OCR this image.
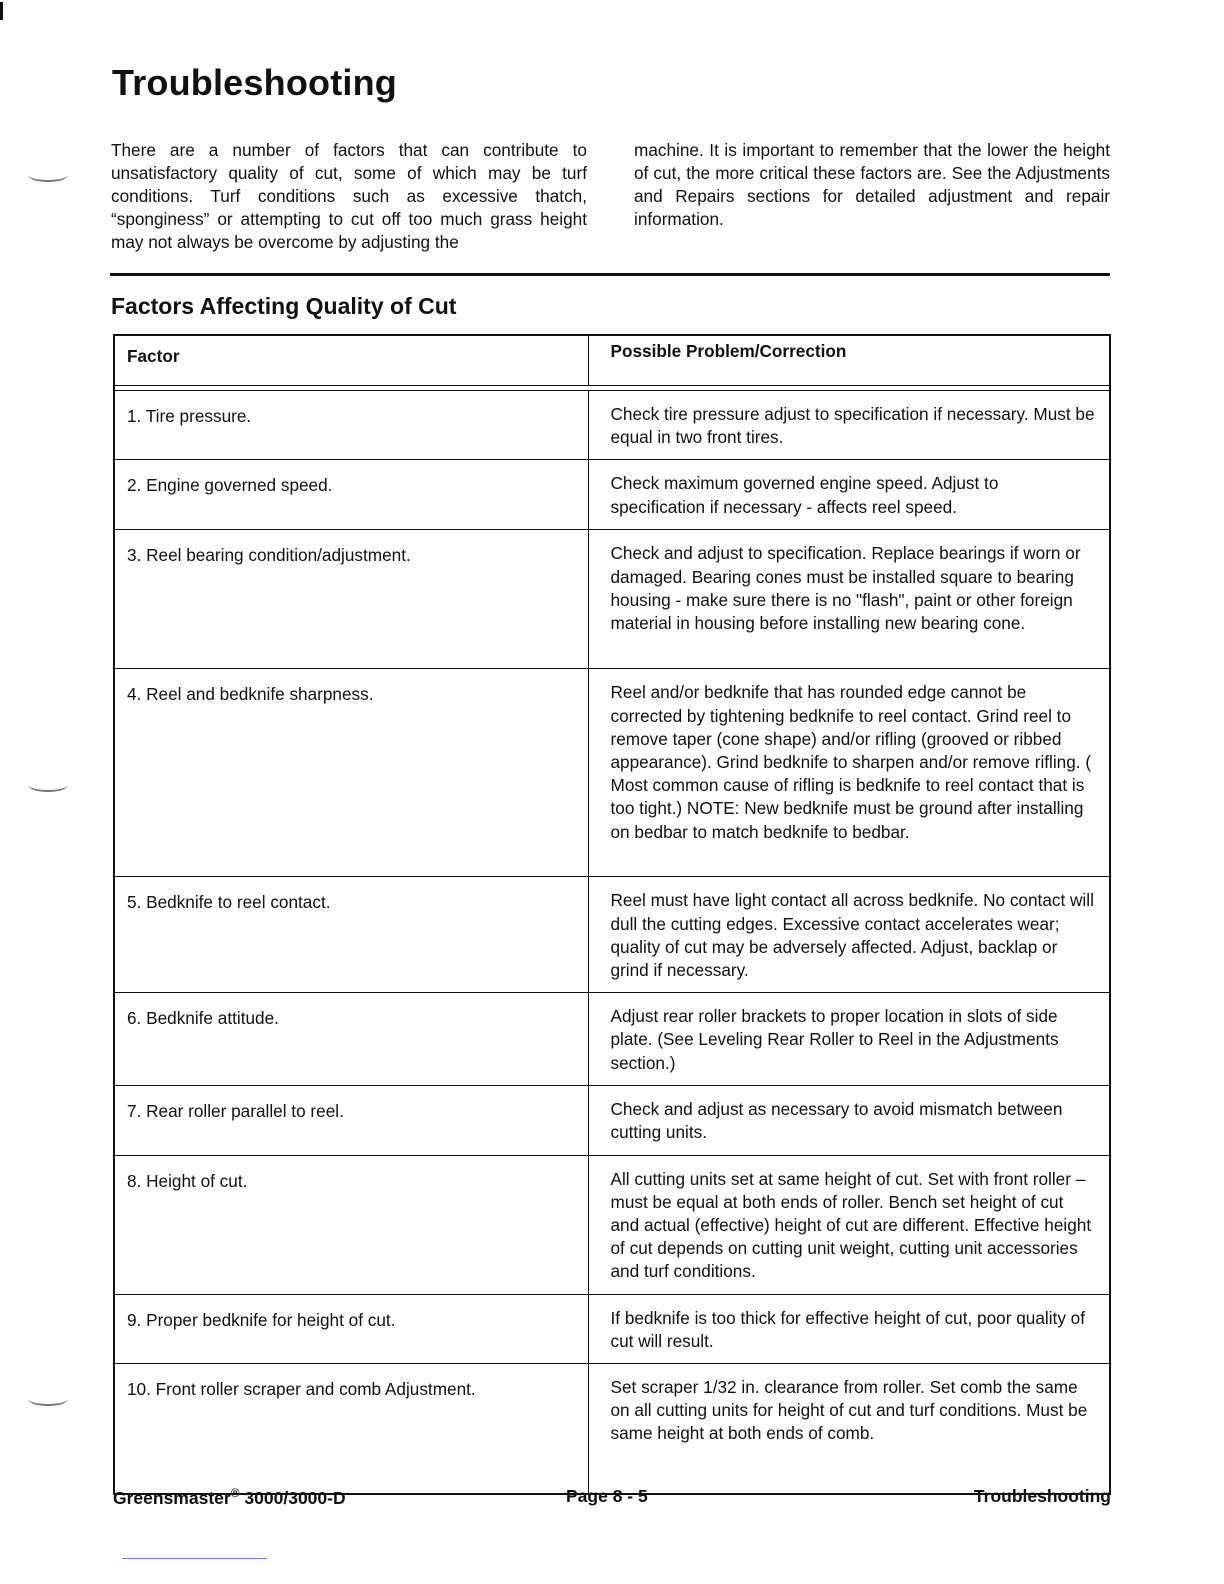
Troubleshooting

There are a number of factors that can contribute to unsatisfactory quality of cut, some of which may be turf conditions. Turf conditions such as excessive thatch, “sponginess” or attempting to cut off too much grass height may not always be overcome by adjusting the

machine. It is important to remember that the lower the height of cut, the more critical these factors are. See the Adjustments and Repairs sections for detailed adjustment and repair information.

Factors Affecting Quality of Cut
Factor	Possible Problem/Correction

1. Tire pressure.	Check tire pressure adjust to specification if necessary. Must be equal in two front tires.
2. Engine governed speed.	Check maximum governed engine speed. Adjust to specification if necessary - affects reel speed.
3. Reel bearing condition/adjustment.	Check and adjust to specification. Replace bearings if worn or damaged. Bearing cones must be installed square to bearing housing - make sure there is no "flash", paint or other foreign material in housing before installing new bearing cone.
4. Reel and bedknife sharpness.	Reel and/or bedknife that has rounded edge cannot be corrected by tightening bedknife to reel contact. Grind reel to remove taper (cone shape) and/or rifling (grooved or ribbed appearance). Grind bedknife to sharpen and/or remove rifling. ( Most common cause of rifling is bedknife to reel contact that is too tight.) NOTE: New bedknife must be ground after installing on bedbar to match bedknife to bedbar.
5. Bedknife to reel contact.	Reel must have light contact all across bedknife. No contact will dull the cutting edges. Excessive contact accelerates wear; quality of cut may be adversely affected. Adjust, backlap or grind if necessary.
6. Bedknife attitude.	Adjust rear roller brackets to proper location in slots of side plate. (See Leveling Rear Roller to Reel in the Adjustments section.)
7. Rear roller parallel to reel.	Check and adjust as necessary to avoid mismatch between cutting units.
8. Height of cut.	All cutting units set at same height of cut. Set with front roller – must be equal at both ends of roller. Bench set height of cut and actual (effective) height of cut are different. Effective height of cut depends on cutting unit weight, cutting unit accessories and turf conditions.
9. Proper bedknife for height of cut.	If bedknife is too thick for effective height of cut, poor quality of cut will result.
10. Front roller scraper and comb Adjustment.	Set scraper 1/32 in. clearance from roller. Set comb the same on all cutting units for height of cut and turf conditions. Must be same height at both ends of comb.
Greensmaster® 3000/3000-D	Page 8 - 5	Troubleshooting
